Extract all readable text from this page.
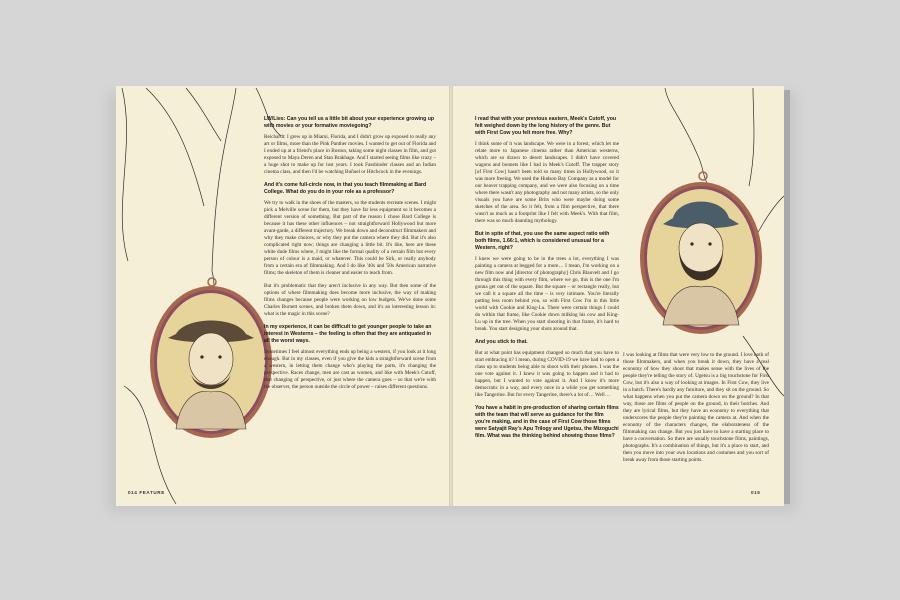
LW/Lies: Can you tell us a little bit about your experience growing up with movies or your formative moviegoing?

Reichardt: I grew up in Miami, Florida, and I didn't grow up exposed to really any art or films, more than the Pink Panther movies. I wanted to get out of Florida and I ended up at a friend's place in Boston, taking some night classes in film, and got exposed to Maya Deren and Stan Brakhage. And I started seeing films like crazy – a huge shot to make up for lost years. I took Fassbinder classes and an Indian cinema class, and then I'd be watching Buñuel or Hitchcock in the evenings.

And it's come full-circle now, in that you teach filmmaking at Bard College. What do you do in your role as a professor?

We try to walk in the shoes of the masters, so the students recreate scenes. I might pick a Melville scene for them, but they have far less equipment so it becomes a different version of something. But part of the reason I chose Bard College is because it has these other influences – not straightforward Hollywood but more avant-garde, a different trajectory. We break down and deconstruct filmmakers and why they make choices, or why they put the camera where they did. But it's also complicated right now; things are changing a little bit. It's like, here are these white dude films where, I might like the formal quality of a certain film but every person of colour is a maid, or whatever. This could be Sirk, or really anybody from a certain era of filmmaking. And I do like '40s and '50s American narrative films; the skeleton of them is cleaner and easier to teach from.

But it's problematic that they aren't inclusive in any way. But then some of the options of where filmmaking does become more inclusive, the way of making films changes because people were working on low budgets. We've done some Charles Burnett scenes, and broken them down, and it's an interesting lesson in: what is the magic in this scene?

In my experience, it can be difficult to get younger people to take an interest in Westerns – the feeling is often that they are antiquated in all the worst ways.

Sometimes I feel almost everything ends up being a western, if you look at it long enough. But in my classes, even if you give the kids a straightforward scene from a western, in letting them change who's playing the parts, it's changing the perspective. Races change, men are cast as women, and like with Meek's Cutoff, that changing of perspective, or just where the camera goes – so that we're with the observer, the person outside the circle of power – raises different questions.

014 FEATURE

I read that with your previous eastern, Meek's Cutoff, you felt weighed down by the long history of the genre. But with First Cow you felt more free. Why?

I think some of it was landscape. We were in a forest, which let me relate more to Japanese cinema rather than American westerns, which are so drawn to desert landscapes. I didn't have covered wagons and bonnets like I had in Meek's Cutoff. The trapper story [of First Cow] hasn't been told so many times in Hollywood, so it was more freeing. We used the Hudson Bay Company as a model for our beaver trapping company, and we were also focusing on a time where there wasn't any photography and not many artists, so the only visuals you have are some Brits who were maybe doing some sketches of the area. So it felt, from a film perspective, that there wasn't as much as a footprint like I felt with Meek's. With that film, there was so much daunting mythology.

But in spite of that, you use the same aspect ratio with both films, 1.66:1, which is considered unusual for a Western, right?

I knew we were going to be in the trees a lot, everything I was painting a camera at begged for a more… I mean, I'm working on a new film now and [director of photography] Chris Blauvelt and I go through this thing with every film, where we go, this is the one I'm gonna get out of the square. But the square – or rectangle really, but we call it a square all the time – is very intimate. You're literally putting less room behind you, so with First Cow I'm in this little world with Cookie and King-Lu. There were certain things I could do within that frame, like Cookie down milking his cow and King-Lu up in the tree. When you start shooting in that frame, it's hard to break. You start designing your shots around that.

And you stick to that.

But at what point has equipment changed so much that you have to start embracing it? I mean, during COVID-19 we have had to open a class up to students being able to shoot with their phones. I was the one vote against it. I knew it was going to happen and it had to happen, but I wanted to vote against it. And I know it's more democratic in a way, and every once in a while you get something like Tangerine. But for every Tangerine, there's a lot of… Well…

You have a habit in pre-production of sharing certain films with the team that will serve as guidance for the film you're making, and in the case of First Cow those films were Satyajit Ray's Apu Trilogy and Ugetsu, the Mizoguchi film. What was the thinking behind showing those films?

I was looking at films that were very low to the ground. I love both of those filmmakers, and when you break it down, they have a real economy of how they shoot that makes sense with the lives of the people they're telling the story of. Ugetsu is a big touchstone for First Cow, but it's also a way of looking at images. In First Cow, they live in a hutch. There's hardly any furniture, and they sit on the ground. So what happens when you put the camera down on the ground? In that way, those are films of people on the ground, in their hutches. And they are lyrical films, but they have an economy to everything that underscores the people they're painting the camera at. And when the economy of the characters changes, the elaborateness of the filmmaking can change. But you just have to have a starting place to have a conversation. So there are usually touchstone films, paintings, photographs. It's a combination of things, but it's a place to start, and then you move into your own locations and costumes and you sort of break away from those starting points.

015
